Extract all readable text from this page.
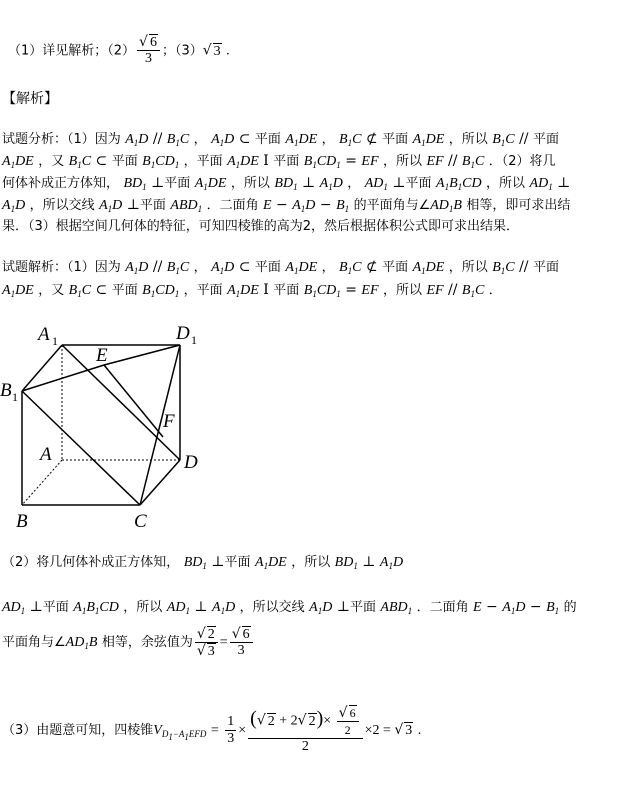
（1）详见解析；$(2) \frac{√ 6}{3}$ ；（3）√ 3 .
【解析】
试题分析：（1）因为 $A_1D // B_1C$ ， $A_1D$ ⊂ 平面 $A_1DE$ ， $B_1C$ ⊄ 平面 $A_1DE$ ，所以 $B_1C$ // 平面
$A_1DE$ ，又 $B_1C$ ⊂ 平面 $B_1CD_1$ ，平面 $A_1DE$ I 平面 $B_1CD_1$ = EF ，所以 EF // $B_1C$ ．（2）将几
何体补成正方体知， $BD_1$ ⊥平面 $A_1DE$ ，所以 $BD_1$ ⊥ $A_1D$ ， $AD_1$ ⊥平面 $A_1B_1CD$ ，所以 $AD_1$ ⊥
$A_1D$ ，所以交线 $A_1D$ ⊥平面 $ABD_1$ ．二面角 $E - A_1D - B_1$ 的平面角与$\angle AD_1B$ 相等，即可求出结
果．（3）根据空间几何体的特征，可知四棱锥的高为2，然后根据体积公式即可求出结果．
试题解析：（1）因为 $A_1D // B_1C$ ， $A_1D$ ⊂ 平面 $A_1DE$ ， $B_1C$ ⊄ 平面 $A_1DE$ ，所以 $B_1C$ // 平面
$A_1DE$ ，又 $B_1C$ ⊂ 平面 $B_1CD_1$ ，平面 $A_1DE$ I 平面 $B_1CD_1$ = EF ，所以 EF // $B_1C$ ．
A 1	D 1
E
B 1
F
A	D
B	C
（2）将几何体补成正方体知， $BD_1$ ⊥平面 $A_1DE$ ，所以 $BD_1$ ⊥ $A_1D$
$AD_1$ ⊥平面 $A_1B_1CD$ ，所以 $AD_1$ ⊥ $A_1D$ ，所以交线 $A_1D$ ⊥平面 $ABD_1$ ．二面角 $E - A_1D - B_1$ 的
平面角与$\angle AD_1B$ 相等，余弦值为 $\frac{√ 2}{√ 3} = \frac{√ 6}{3}$
（3）由题意可知，四棱锥$V_{D_1-A_1EFD} = \frac{1}{3} \times \frac{(√ 2 + 2√ 2)\times \frac{√ 6}{2}}{2} \times 2$ = √ 3 .
